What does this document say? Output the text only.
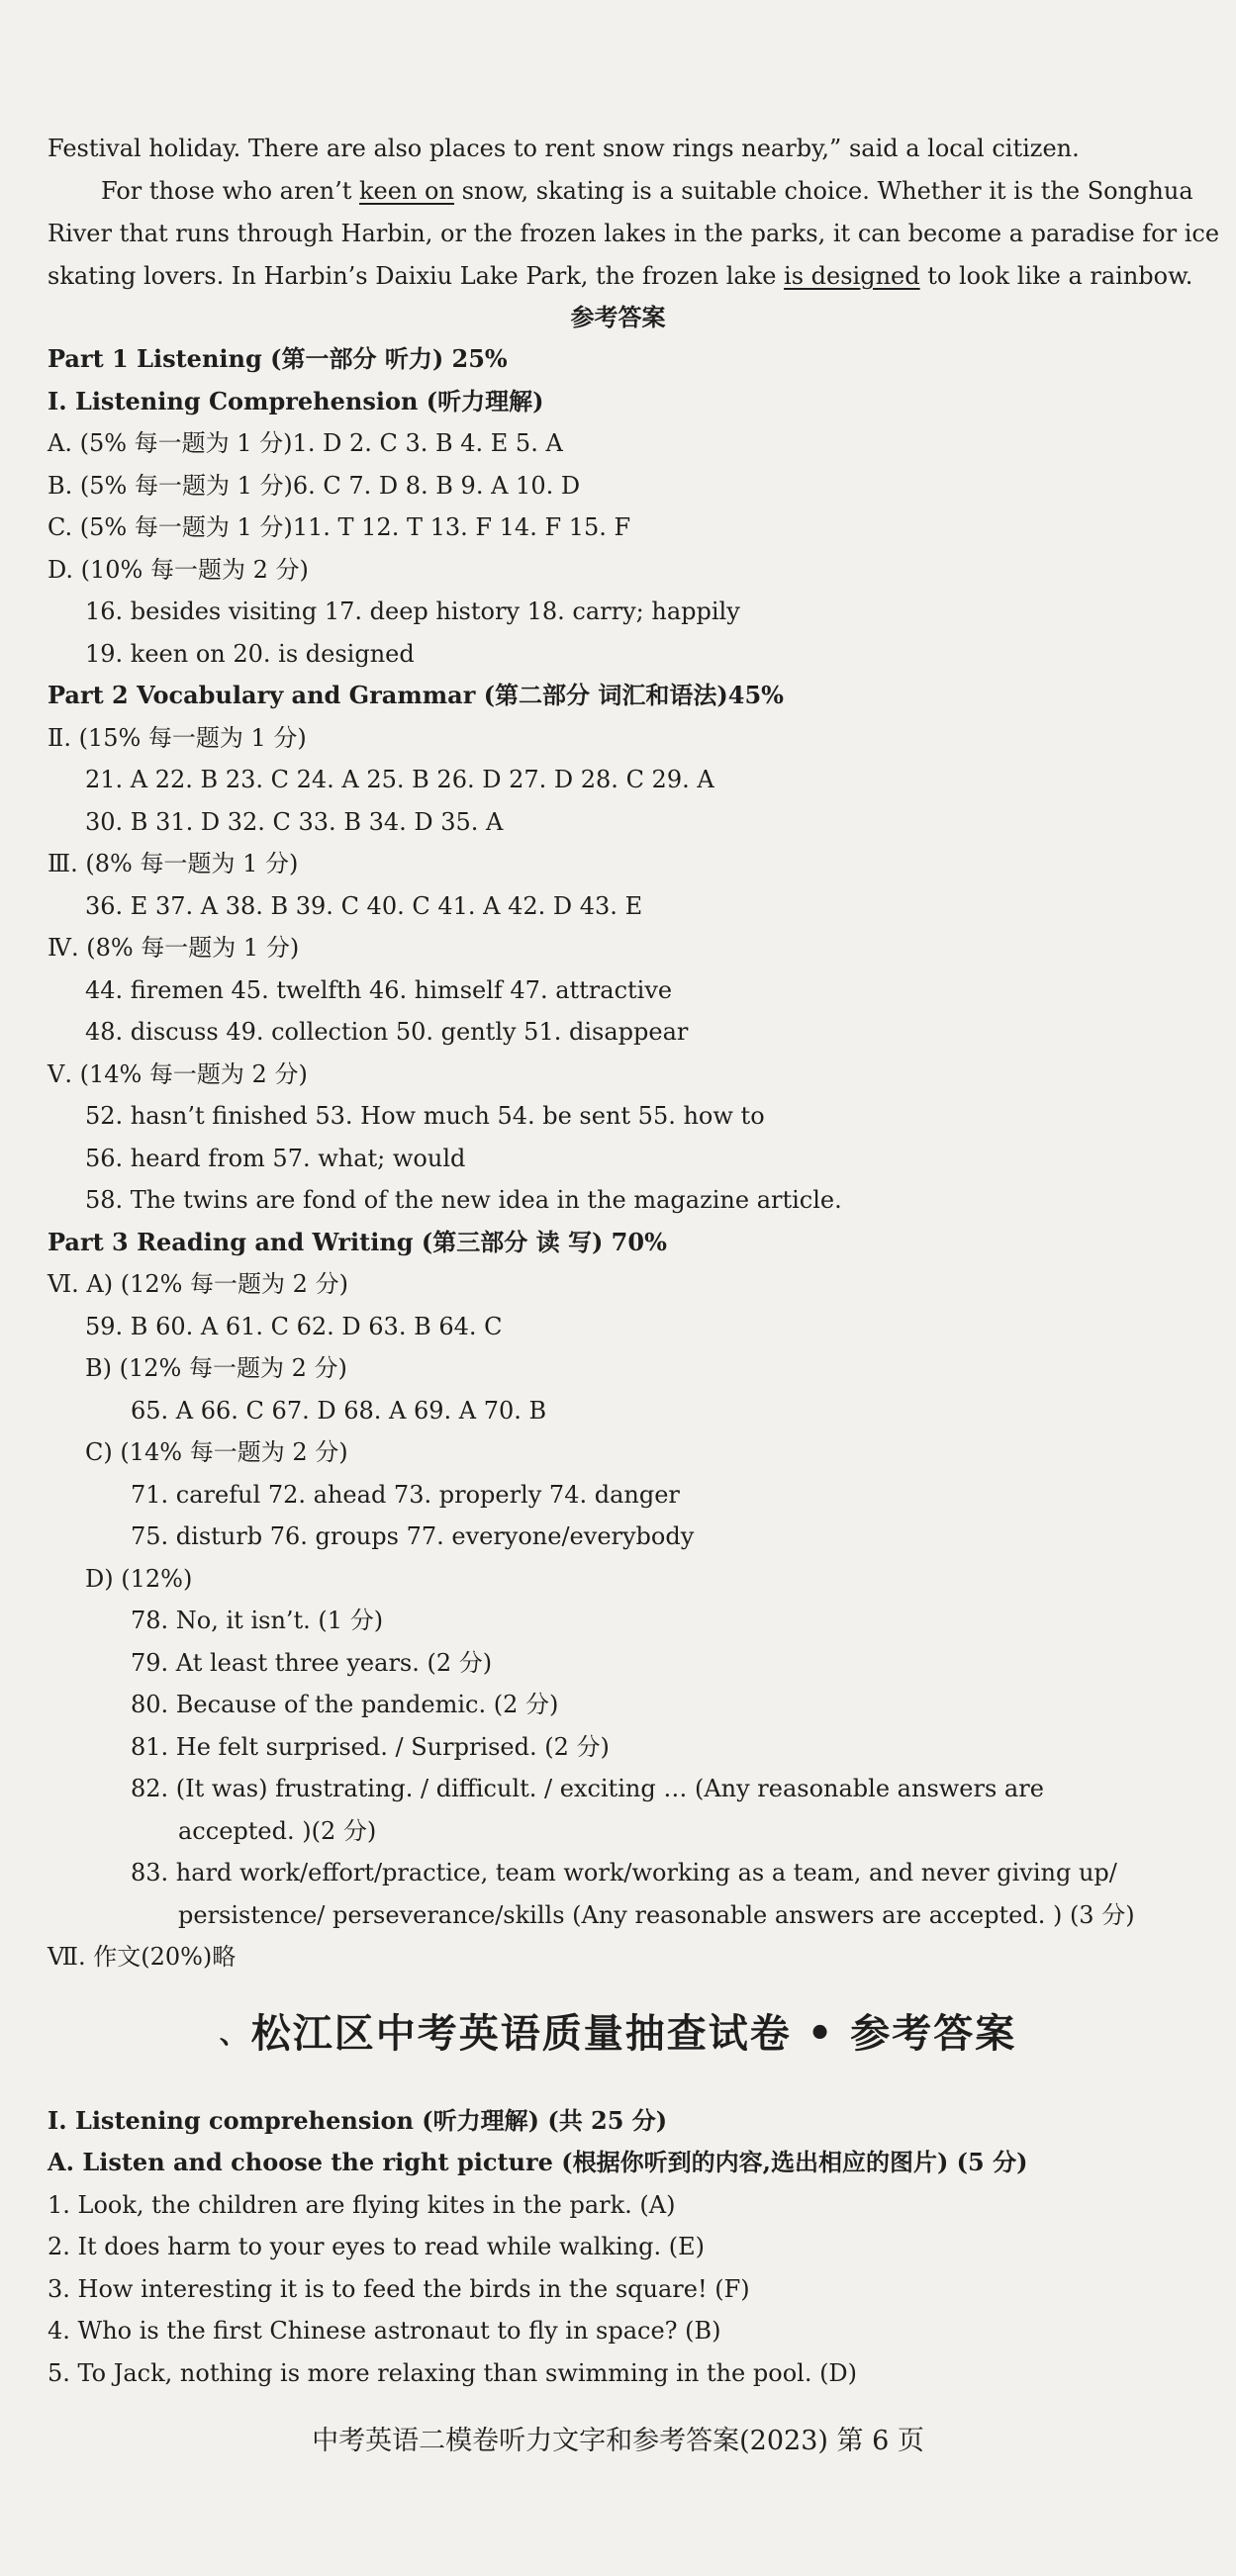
Festival holiday. There are also places to rent snow rings nearby,” said a local citizen.
For those who aren’t keen on snow, skating is a suitable choice. Whether it is the Songhua
River that runs through Harbin, or the frozen lakes in the parks, it can become a paradise for ice
skating lovers. In Harbin’s Daixiu Lake Park, the frozen lake is designed to look like a rainbow.
参考答案
Part 1 Listening (第一部分 听力) 25%
Ⅰ. Listening Comprehension (听力理解)
A. (5% 每一题为 1 分)1. D 2. C 3. B 4. E 5. A
B. (5% 每一题为 1 分)6. C 7. D 8. B 9. A 10. D
C. (5% 每一题为 1 分)11. T 12. T 13. F 14. F 15. F
D. (10% 每一题为 2 分)
16. besides visiting 17. deep history 18. carry; happily
19. keen on 20. is designed
Part 2 Vocabulary and Grammar (第二部分 词汇和语法)45%
Ⅱ. (15% 每一题为 1 分)
21. A 22. B 23. C 24. A 25. B 26. D 27. D 28. C 29. A
30. B 31. D 32. C 33. B 34. D 35. A
Ⅲ. (8% 每一题为 1 分)
36. E 37. A 38. B 39. C 40. C 41. A 42. D 43. E
Ⅳ. (8% 每一题为 1 分)
44. firemen 45. twelfth 46. himself 47. attractive
48. discuss 49. collection 50. gently 51. disappear
Ⅴ. (14% 每一题为 2 分)
52. hasn’t finished 53. How much 54. be sent 55. how to
56. heard from 57. what; would
58. The twins are fond of the new idea in the magazine article.
Part 3 Reading and Writing (第三部分 读 写) 70%
Ⅵ. A) (12% 每一题为 2 分)
59. B 60. A 61. C 62. D 63. B 64. C
B) (12% 每一题为 2 分)
65. A 66. C 67. D 68. A 69. A 70. B
C) (14% 每一题为 2 分)
71. careful 72. ahead 73. properly 74. danger
75. disturb 76. groups 77. everyone/everybody
D) (12%)
78. No, it isn’t. (1 分)
79. At least three years. (2 分)
80. Because of the pandemic. (2 分)
81. He felt surprised. / Surprised. (2 分)
82. (It was) frustrating. / difficult. / exciting … (Any reasonable answers are
accepted. )(2 分)
83. hard work/effort/practice, team work/working as a team, and never giving up/
persistence/ perseverance/skills (Any reasonable answers are accepted. ) (3 分)
Ⅶ. 作文(20%)略
、松江区中考英语质量抽查试卷 • 参考答案
I. Listening comprehension (听力理解) (共 25 分)
A. Listen and choose the right picture (根据你听到的内容,选出相应的图片) (5 分)
1. Look, the children are flying kites in the park. (A)
2. It does harm to your eyes to read while walking. (E)
3. How interesting it is to feed the birds in the square! (F)
4. Who is the first Chinese astronaut to fly in space? (B)
5. To Jack, nothing is more relaxing than swimming in the pool. (D)
中考英语二模卷听力文字和参考答案(2023) 第 6 页
